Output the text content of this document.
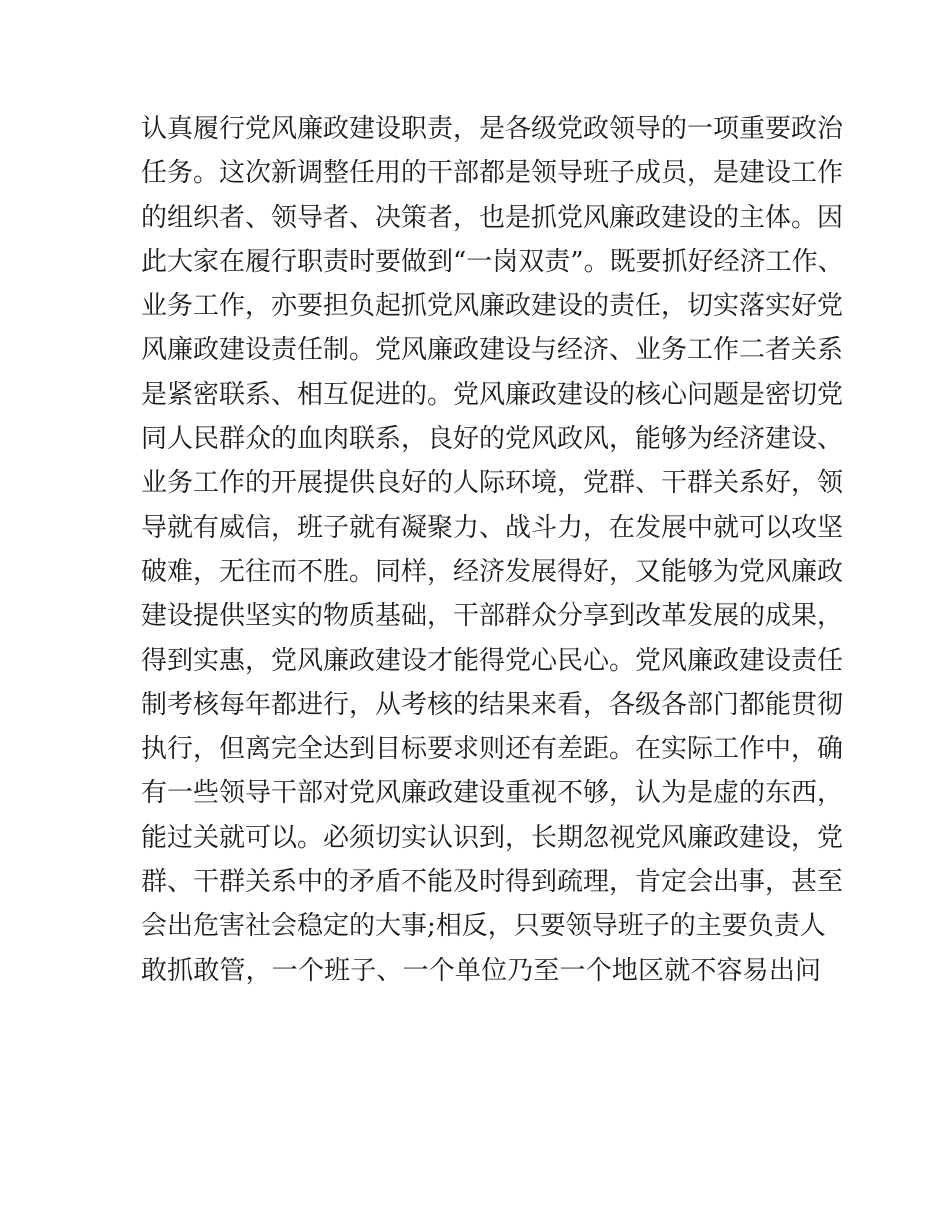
认真履行党风廉政建设职责，是各级党政领导的一项重要政治
任务。这次新调整任用的干部都是领导班子成员，是建设工作
的组织者、领导者、决策者，也是抓党风廉政建设的主体。因
此大家在履行职责时要做到“一岗双责”。既要抓好经济工作、
业务工作，亦要担负起抓党风廉政建设的责任，切实落实好党
风廉政建设责任制。党风廉政建设与经济、业务工作二者关系
是紧密联系、相互促进的。党风廉政建设的核心问题是密切党
同人民群众的血肉联系，良好的党风政风，能够为经济建设、
业务工作的开展提供良好的人际环境，党群、干群关系好，领
导就有威信，班子就有凝聚力、战斗力，在发展中就可以攻坚
破难，无往而不胜。同样，经济发展得好，又能够为党风廉政
建设提供坚实的物质基础，干部群众分享到改革发展的成果，
得到实惠，党风廉政建设才能得党心民心。党风廉政建设责任
制考核每年都进行，从考核的结果来看，各级各部门都能贯彻
执行，但离完全达到目标要求则还有差距。在实际工作中，确
有一些领导干部对党风廉政建设重视不够，认为是虚的东西，
能过关就可以。必须切实认识到，长期忽视党风廉政建设，党
群、干群关系中的矛盾不能及时得到疏理，肯定会出事，甚至
会出危害社会稳定的大事;相反，只要领导班子的主要负责人
敢抓敢管，一个班子、一个单位乃至一个地区就不容易出问
